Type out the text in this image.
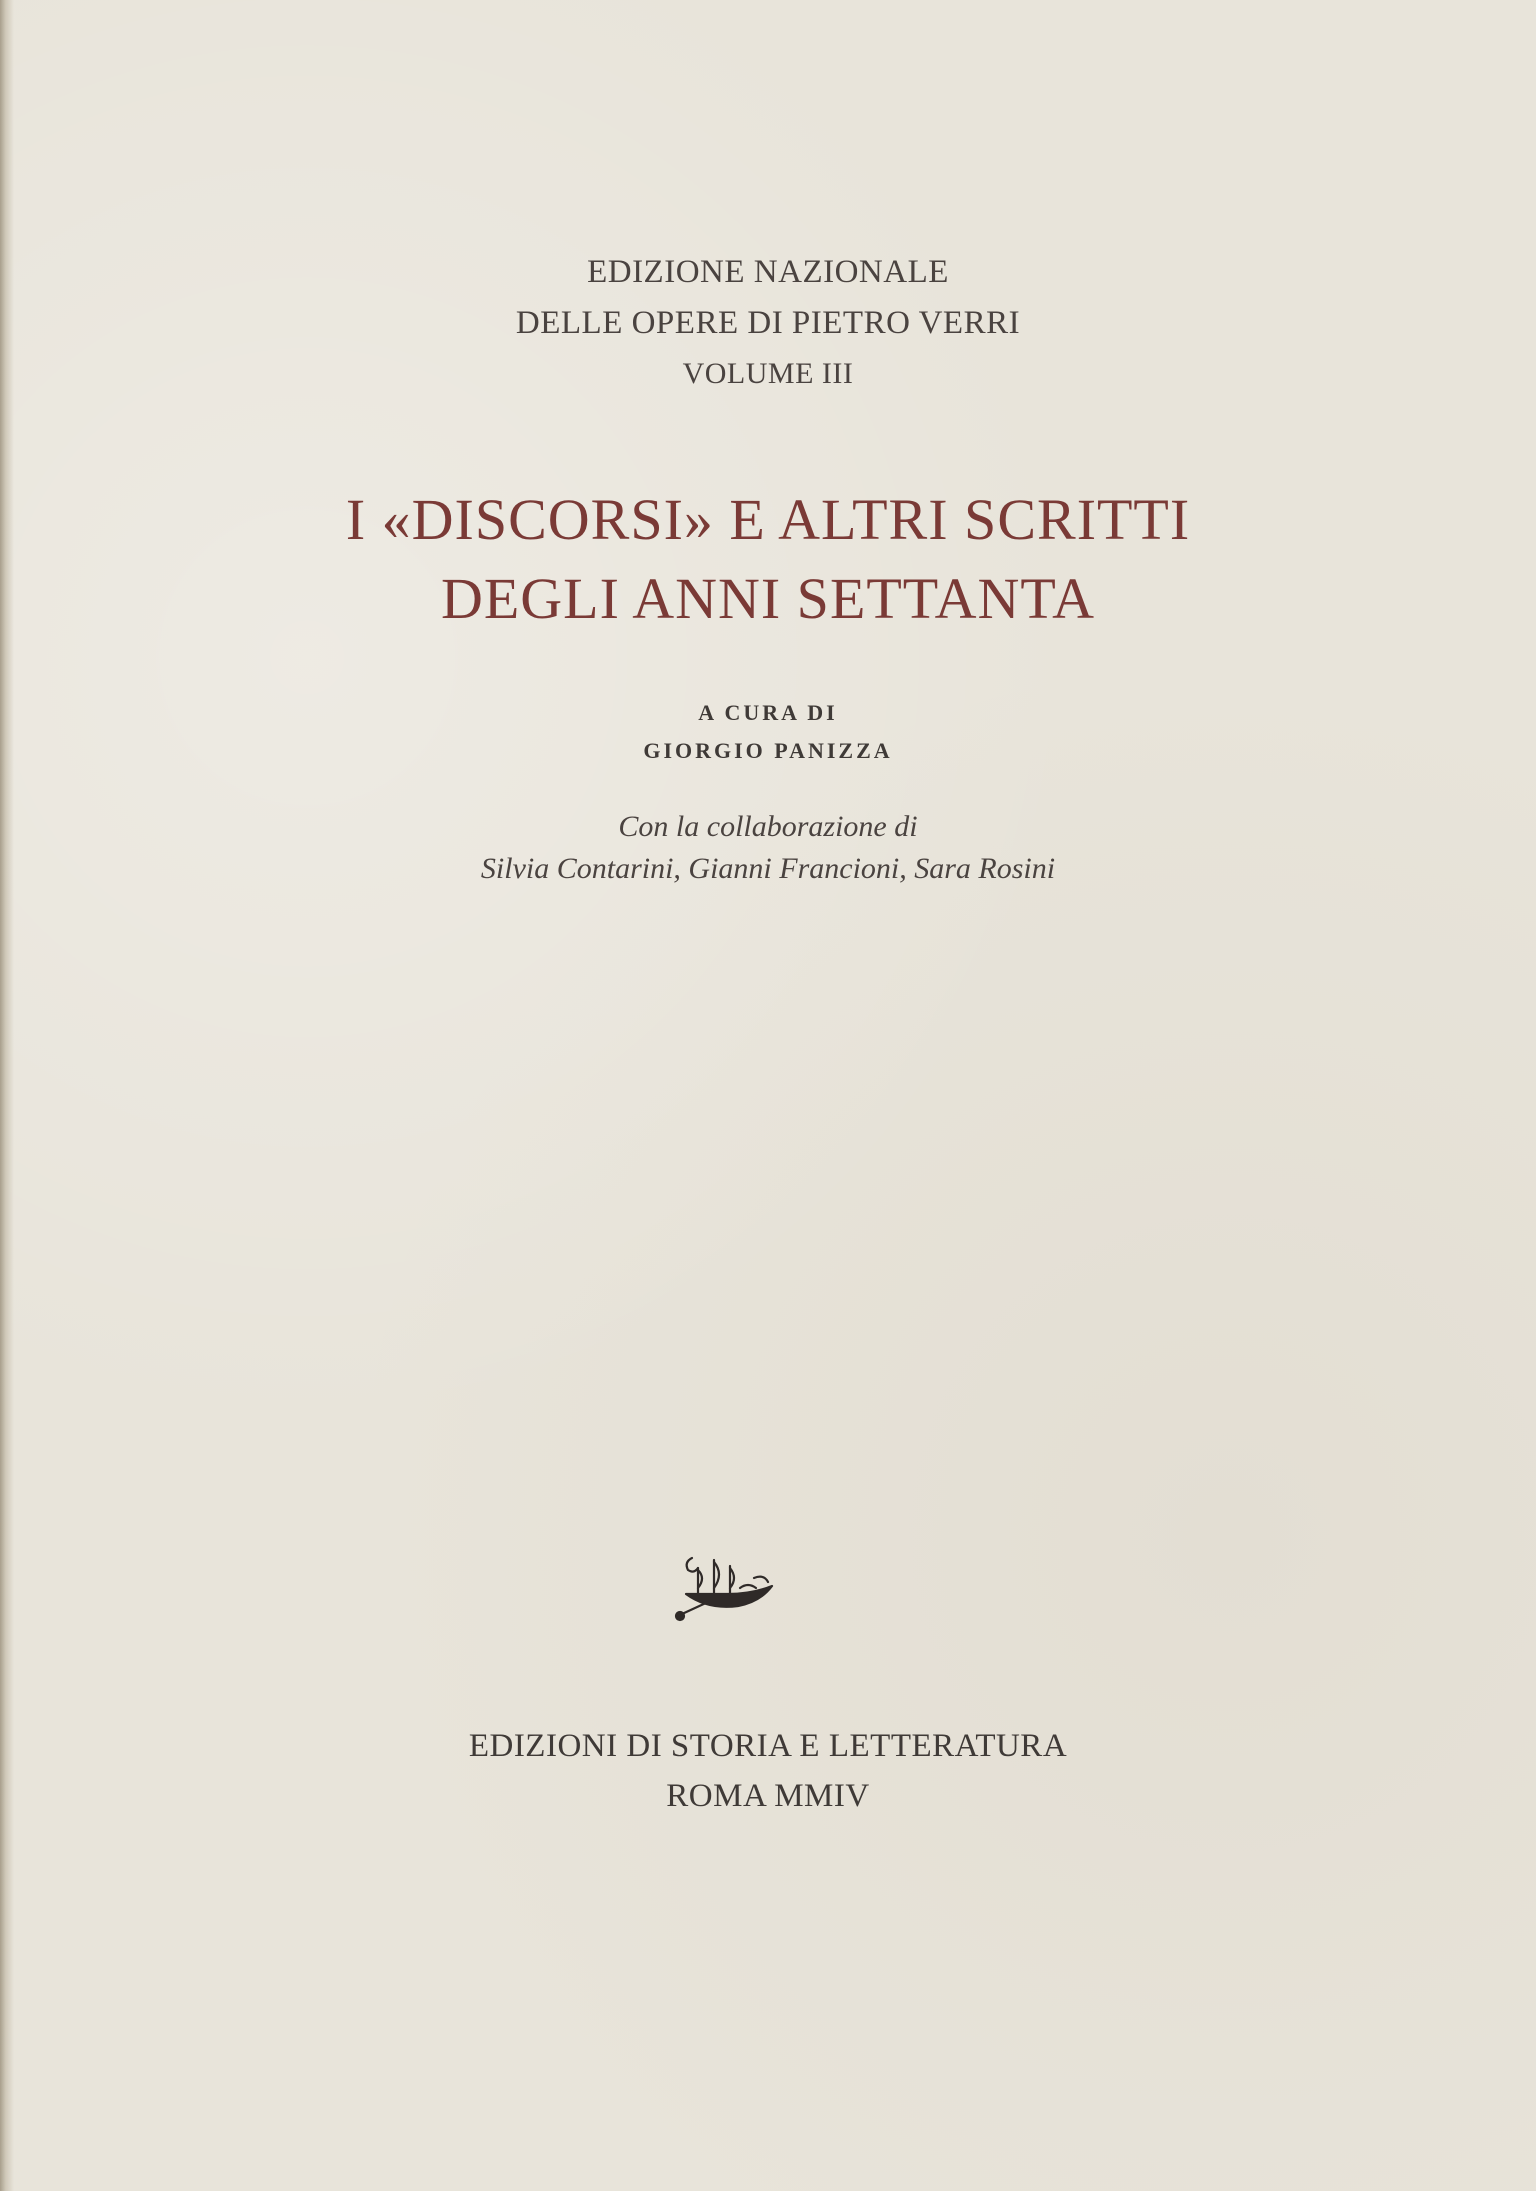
EDIZIONE NAZIONALE

DELLE OPERE DI PIETRO VERRI

VOLUME III

I «DISCORSI» E ALTRI SCRITTI
DEGLI ANNI SETTANTA

A CURA DI

GIORGIO PANIZZA

Con la collaborazione di

Silvia Contarini, Gianni Francioni, Sara Rosini

EDIZIONI DI STORIA E LETTERATURA

ROMA MMIV
